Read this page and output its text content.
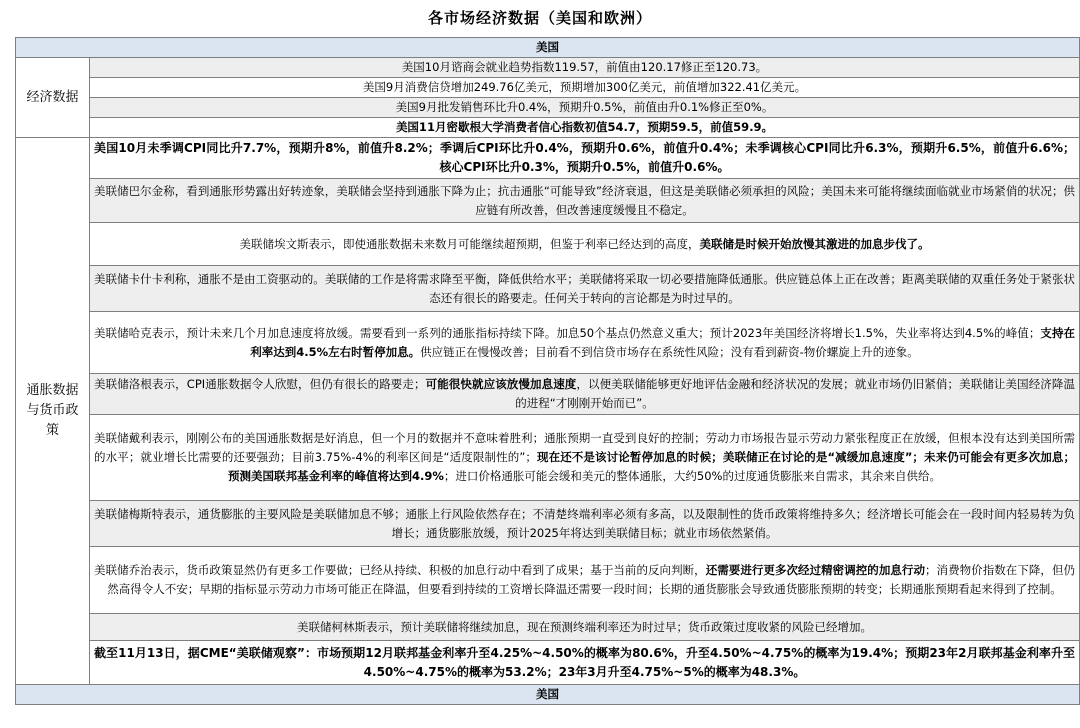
各市场经济数据（美国和欧洲）
美国	
经济数据	美国10月谘商会就业趋势指数119.57，前值由120.17修正至120.73。
	美国9月消费信贷增加249.76亿美元，预期增加300亿美元，前值增加322.41亿美元。
	美国9月批发销售环比升0.4%，预期升0.5%，前值由升0.1%修正至0%。
	美国11月密歇根大学消费者信心指数初值54.7，预期59.5，前值59.9。
通胀数据与货币政策	美国10月未季调CPI同比升7.7%，预期升8%，前值升8.2%；季调后CPI环比升0.4%，预期升0.6%，前值升0.4%；未季调核心CPI同比升6.3%，预期升6.5%，前值升6.6%；核心CPI环比升0.3%，预期升0.5%，前值升0.6%。
	美联储巴尔金称，看到通胀形势露出好转迹象，美联储会坚持到通胀下降为止；抗击通胀“可能导致”经济衰退，但这是美联储必须承担的风险；美国未来可能将继续面临就业市场紧俏的状况；供应链有所改善，但改善速度缓慢且不稳定。
	美联储埃文斯表示，即使通胀数据未来数月可能继续超预期，但鉴于利率已经达到的高度，美联储是时候开始放慢其激进的加息步伐了。
	美联储卡什卡利称，通胀不是由工资驱动的。美联储的工作是将需求降至平衡，降低供给水平；美联储将采取一切必要措施降低通胀。供应链总体上正在改善；距离美联储的双重任务处于紧张状态还有很长的路要走。任何关于转向的言论都是为时过早的。
	美联储哈克表示，预计未来几个月加息速度将放缓。需要看到一系列的通胀指标持续下降。加息50个基点仍然意义重大；预计2023年美国经济将增长1.5%，失业率将达到4.5%的峰值；支持在利率达到4.5%左右时暂停加息。供应链正在慢慢改善；目前看不到信贷市场存在系统性风险；没有看到薪资-物价螺旋上升的迹象。
	美联储洛根表示，CPI通胀数据令人欣慰，但仍有很长的路要走；可能很快就应该放慢加息速度，以便美联储能够更好地评估金融和经济状况的发展；就业市场仍旧紧俏；美联储让美国经济降温的进程“才刚刚开始而已”。
	美联储戴利表示，刚刚公布的美国通胀数据是好消息，但一个月的数据并不意味着胜利；通胀预期一直受到良好的控制；劳动力市场报告显示劳动力紧张程度正在放缓，但根本没有达到美国所需的水平；就业增长比需要的还要强劲；目前3.75%-4%的利率区间是“适度限制性的”；现在还不是该讨论暂停加息的时候；美联储正在讨论的是“减缓加息速度”；未来仍可能会有更多次加息；预测美国联邦基金利率的峰值将达到4.9%；进口价格通胀可能会缓和美元的整体通胀，大约50%的过度通货膨胀来自需求，其余来自供给。
	美联储梅斯特表示，通货膨胀的主要风险是美联储加息不够；通胀上行风险依然存在；不清楚终端利率必须有多高，以及限制性的货币政策将维持多久；经济增长可能会在一段时间内轻易转为负增长；通货膨胀放缓，预计2025年将达到美联储目标；就业市场依然紧俏。
	美联储乔治表示，货币政策显然仍有更多工作要做；已经从持续、积极的加息行动中看到了成果；基于当前的反向判断，还需要进行更多次经过精密调控的加息行动；消费物价指数在下降，但仍然高得令人不安；早期的指标显示劳动力市场可能正在降温，但要看到持续的工资增长降温还需要一段时间；长期的通货膨胀会导致通货膨胀预期的转变；长期通胀预期看起来得到了控制。
	美联储柯林斯表示，预计美联储将继续加息，现在预测终端利率还为时过早；货币政策过度收紧的风险已经增加。
	截至11月13日，据CME“美联储观察”：市场预期12月联邦基金利率升至4.25%~4.50%的概率为80.6%，升至4.50%~4.75%的概率为19.4%；预期23年2月联邦基金利率升至4.50%~4.75%的概率为53.2%；23年3月升至4.75%~5%的概率为48.3%。
美国	
